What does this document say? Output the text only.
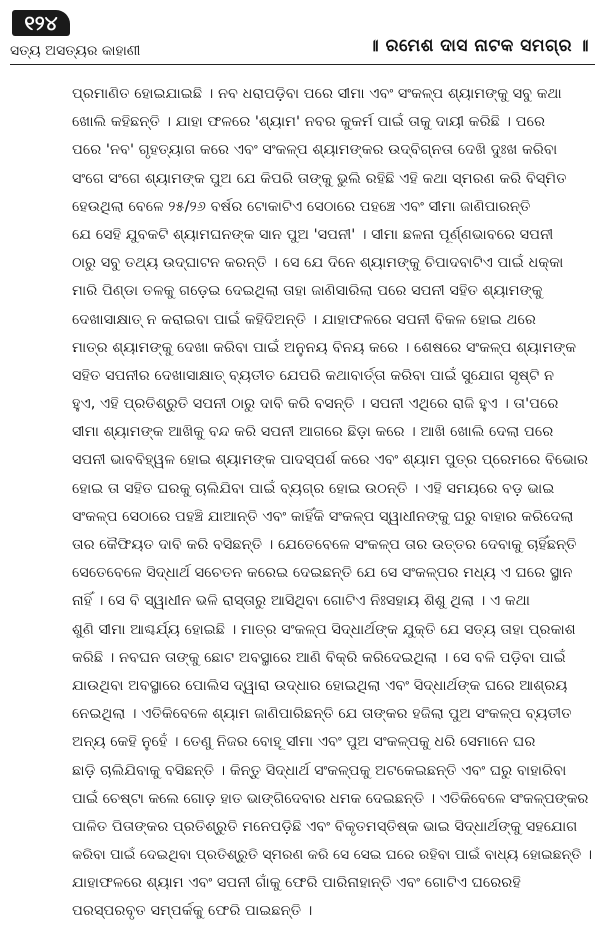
୧୨୪
ସତ୍ୟ ଅସତ୍ୟର କାହାଣୀ	॥ ରମେଶ ଦାସ ନାଟକ ସମଗ୍ର ॥
ପ୍ରମାଣିତ ହୋଇଯାଇଛି । ନବ ଧରାପଡ଼ିବା ପରେ ସୀମା ଏବଂ ସଂକଳ୍ପ ଶ୍ୟାମଙ୍କୁ ସବୁ କଥା
ଖୋଲି କହିଛନ୍ତି । ଯାହା ଫଳରେ 'ଶ୍ୟାମ' ନବର କୁକର୍ମ ପାଇଁ ତାକୁ ଦାୟୀ କରିଛି । ପରେ
ପରେ 'ନବ' ଗୃହତ୍ୟାଗ କରେ ଏବଂ ସଂକଳ୍ପ ଶ୍ୟାମଙ୍କର ଉଦ୍‌ବିଗ୍ନତା ଦେଖି ଦୁଃଖ କରିବା
ସଂଗେ ସଂଗେ ଶ୍ୟାମଙ୍କ ପୁଅ ଯେ କିପରି ତାଙ୍କୁ ଭୁଲି ରହିଛି ଏହି କଥା ସ୍ମରଣ କରି ବିସ୍ମିତ
ହେଉଥିଲା ବେଳେ ୨୫/୨୬ ବର୍ଷର ଟୋକାଟିଏ ସେଠାରେ ପହଞ୍ଚେ ଏବଂ ସୀମା ଜାଣିପାରନ୍ତି
ଯେ ସେହି ଯୁବକଟି ଶ୍ୟାମଘନଙ୍କ ସାନ ପୁଅ 'ସପନୀ' । ସୀମା ଛଳନା ପୂର୍ଣ୍ଣଭାବରେ ସପନୀ
ଠାରୁ ସବୁ ତଥ୍ୟ ଉଦ୍‌ଘାଟନ କରନ୍ତି । ସେ ଯେ ଦିନେ ଶ୍ୟାମଙ୍କୁ ଚିପାଦବାଟିଏ ପାଇଁ ଧକ୍କା
ମାରି ପିଣ୍ଡା ତଳକୁ ଗଡ଼େଇ ଦେଇଥିଲା ତାହା ଜାଣିସାରିଲା ପରେ ସପନୀ ସହିତ ଶ୍ୟାମଙ୍କୁ
ଦେଖାସାକ୍ଷାତ୍ ନ କରାଇବା ପାଇଁ କହିଦିଅନ୍ତି । ଯାହାଫଳରେ ସପନୀ ବିକଳ ହୋଇ ଥରେ
ମାତ୍ର ଶ୍ୟାମଙ୍କୁ ଦେଖା କରିବା ପାଇଁ ଅନୁନୟ ବିନୟ କରେ । ଶେଷରେ ସଂକଳ୍ପ ଶ୍ୟାମଙ୍କ
ସହିତ ସପନୀର ଦେଖାସାକ୍ଷାତ୍ ବ୍ୟତୀତ ଯେପରି କଥାବାର୍ତ୍ତା କରିବା ପାଇଁ ସୁଯୋଗ ସୃଷ୍ଟି ନ
ହୁଏ, ଏହି ପ୍ରତିଶ୍ରୁତି ସପନୀ ଠାରୁ ଦାବି କରି ବସନ୍ତି । ସପନୀ ଏଥିରେ ରାଜି ହୁଏ । ତା'ପରେ
ସୀମା ଶ୍ୟାମଙ୍କ ଆଖିକୁ ବନ୍ଦ କରି ସପନୀ ଆଗରେ ଛିଡ଼ା କରେ । ଆଖି ଖୋଲି ଦେଲା ପରେ
ସପନୀ ଭାବବିହ୍ୱଳ ହୋଇ ଶ୍ୟାମଙ୍କ ପାଦସ୍ପର୍ଶ କରେ ଏବଂ ଶ୍ୟାମ ପୁତ୍ର ପ୍ରେମରେ ବିଭୋର
ହୋଇ ତା ସହିତ ଘରକୁ ଚାଲିଯିବା ପାଇଁ ବ୍ୟଗ୍ର ହୋଇ ଉଠନ୍ତି । ଏହି ସମୟରେ ବଡ଼ ଭାଇ
ସଂକଳ୍ପ ସେଠାରେ ପହଞ୍ଚି ଯାଆନ୍ତି ଏବଂ କାହିଁକି ସଂକଳ୍ପ ସ୍ୱାଧୀନଙ୍କୁ ଘରୁ ବାହାର କରିଦେଲା
ତାର କୈଫିୟତ ଦାବି କରି ବସିଛନ୍ତି । ଯେତେବେଳେ ସଂକଳ୍ପ ତାର ଉତ୍ତର ଦେବାକୁ ଚାହିଁଛନ୍ତି
ସେତେବେଳେ ସିଦ୍ଧାର୍ଥ ସଚେତନ କରେଇ ଦେଇଛନ୍ତି ଯେ ସେ ସଂକଳ୍ପର ମଧ୍ୟ ଏ ଘରେ ସ୍ଥାନ
ନାହିଁ । ସେ ବି ସ୍ୱାଧୀନ ଭଳି ରାସ୍ତାରୁ ଆସିଥିବା ଗୋଟିଏ ନିଃସହାୟ ଶିଶୁ ଥିଲା । ଏ କଥା
ଶୁଣି ସୀମା ଆଶ୍ଚର୍ଯ୍ୟ ହୋଇଛି । ମାତ୍ର ସଂକଳ୍ପ ସିଦ୍ଧାର୍ଥଙ୍କ ଯୁକ୍ତି ଯେ ସତ୍ୟ ତାହା ପ୍ରକାଶ
କରିଛି । ନବଘନ ତାଙ୍କୁ ଛୋଟ ଅବସ୍ଥାରେ ଆଣି ବିକ୍ରି କରିଦେଇଥିଲା । ସେ ବଳି ପଡ଼ିବା ପାଇଁ
ଯାଉଥିବା ଅବସ୍ଥାରେ ପୋଲିସ ଦ୍ୱାରା ଉଦ୍ଧାର ହୋଇଥିଲା ଏବଂ ସିଦ୍ଧାର୍ଥଙ୍କ ଘରେ ଆଶ୍ରୟ
ନେଇଥିଲା । ଏତିକିବେଳେ ଶ୍ୟାମ ଜାଣିପାରିଛନ୍ତି ଯେ ତାଙ୍କର ହଜିଲା ପୁଅ ସଂକଳ୍ପ ବ୍ୟତୀତ
ଅନ୍ୟ କେହି ନୁହେଁ । ତେଣୁ ନିଜର ବୋହୂ ସୀମା ଏବଂ ପୁଅ ସଂକଳ୍ପକୁ ଧରି ସେମାନେ ଘର
ଛାଡ଼ି ଚାଲିଯିବାକୁ ବସିଛନ୍ତି । କିନ୍ତୁ ସିଦ୍ଧାର୍ଥ ସଂକଳ୍ପକୁ ଅଟକେଇଛନ୍ତି ଏବଂ ଘରୁ ବାହାରିବା
ପାଇଁ ଚେଷ୍ଟା କଲେ ଗୋଡ଼ ହାତ ଭାଙ୍ଗିଦେବାର ଧମକ ଦେଇଛନ୍ତି । ଏତିକିବେଳେ ସଂକଳ୍ପଙ୍କର
ପାଳିତ ପିତାଙ୍କର ପ୍ରତିଶ୍ରୁତି ମନେପଡ଼ିଛି ଏବଂ ବିକୃତମସ୍ତିଷ୍କ ଭାଇ ସିଦ୍ଧାର୍ଥଙ୍କୁ ସହଯୋଗ
କରିବା ପାଇଁ ଦେଇଥିବା ପ୍ରତିଶ୍ରୁତି ସ୍ମରଣ କରି ସେ ସେଇ ଘରେ ରହିବା ପାଇଁ ବାଧ୍ୟ ହୋଇଛନ୍ତି ।
ଯାହାଫଳରେ ଶ୍ୟାମ ଏବଂ ସପନୀ ଗାଁକୁ ଫେରି ପାରିନାହାନ୍ତି ଏବଂ ଗୋଟିଏ ଘରେରହି
ପରସ୍ପରବୃତ ସମ୍ପର୍କକୁ ଫେରି ପାଇଛନ୍ତି ।
